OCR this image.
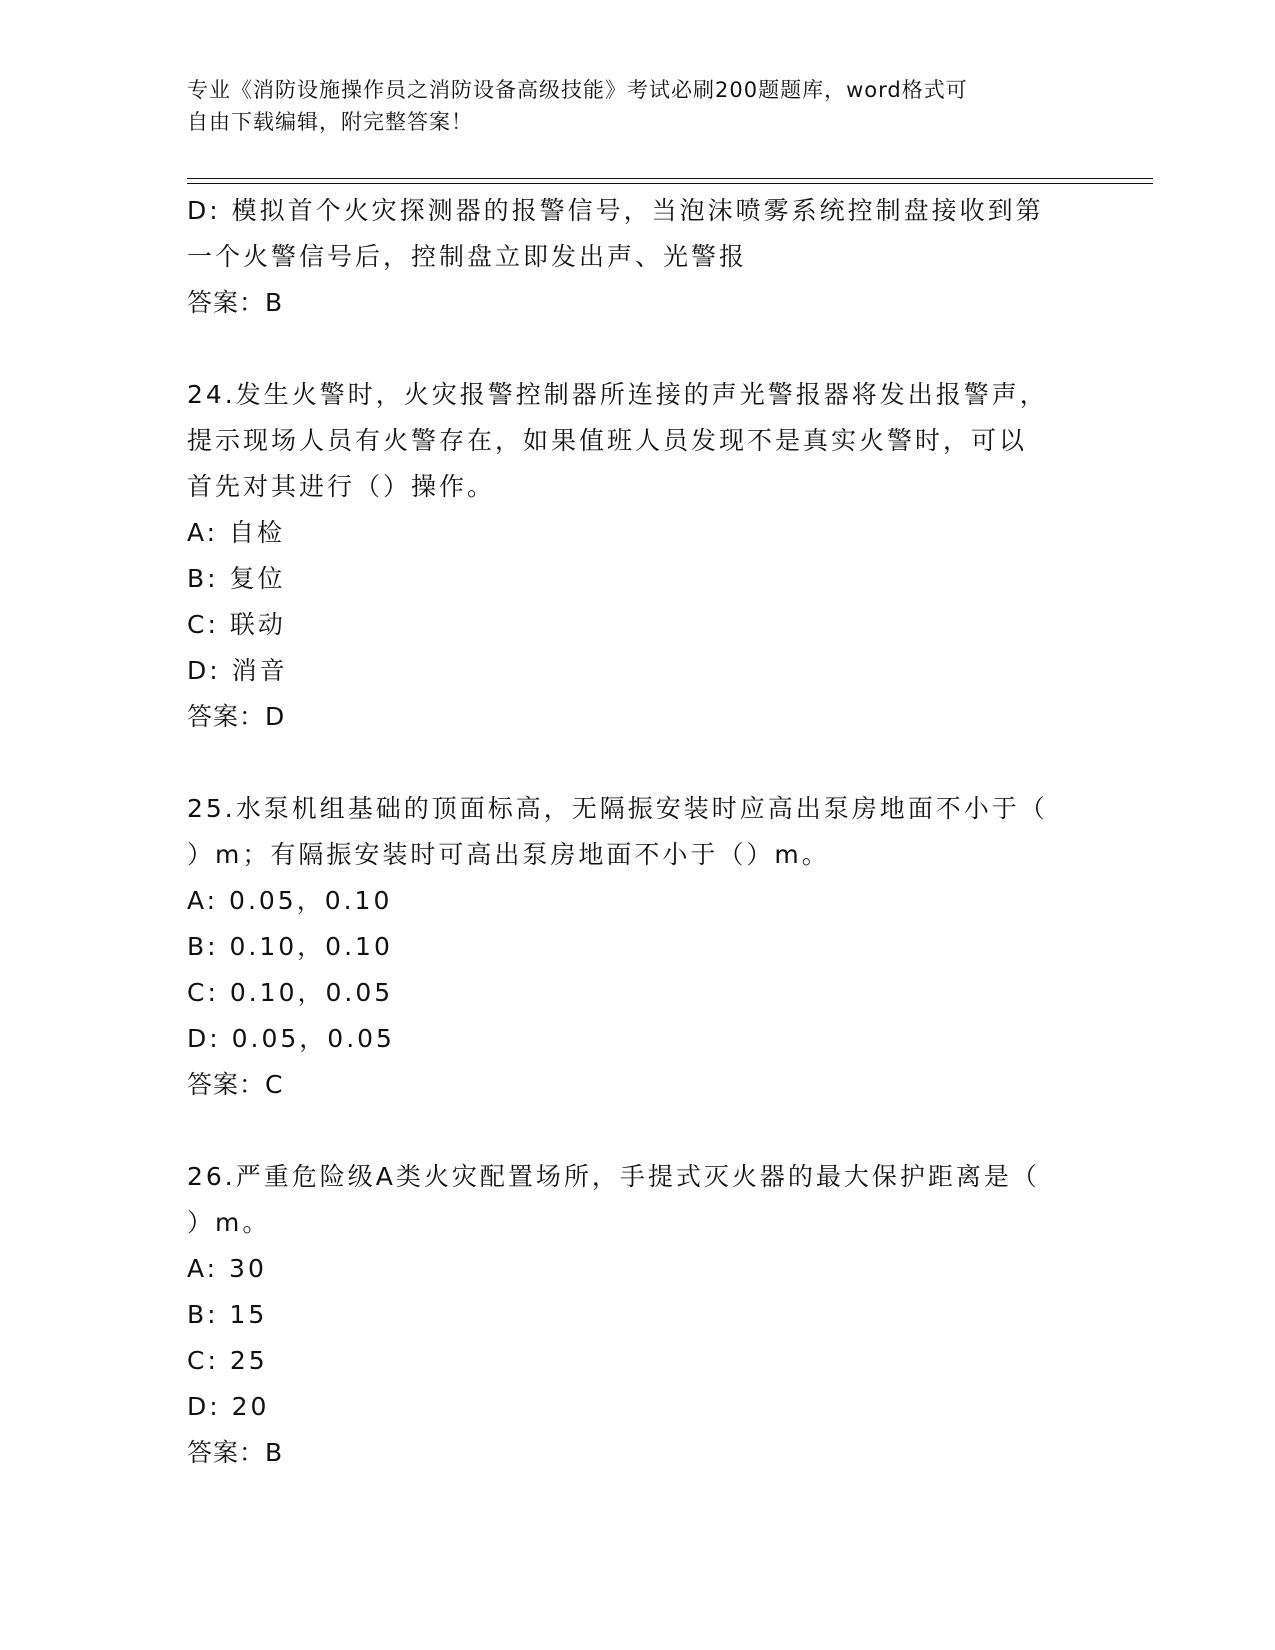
专业《消防设施操作员之消防设备高级技能》考试必刷200题题库，word格式可
自由下载编辑，附完整答案！
D: 模拟首个火灾探测器的报警信号，当泡沫喷雾系统控制盘接收到第
一个火警信号后，控制盘立即发出声、光警报
答案：B
24.发生火警时，火灾报警控制器所连接的声光警报器将发出报警声，
提示现场人员有火警存在，如果值班人员发现不是真实火警时，可以
首先对其进行（）操作。
A: 自检
B: 复位
C: 联动
D: 消音
答案：D
25.水泵机组基础的顶面标高，无隔振安装时应高出泵房地面不小于（
）m；有隔振安装时可高出泵房地面不小于（）m。
A: 0.05，0.10
B: 0.10，0.10
C: 0.10，0.05
D: 0.05，0.05
答案：C
26.严重危险级A类火灾配置场所，手提式灭火器的最大保护距离是（
）m。
A: 30
B: 15
C: 25
D: 20
答案：B
